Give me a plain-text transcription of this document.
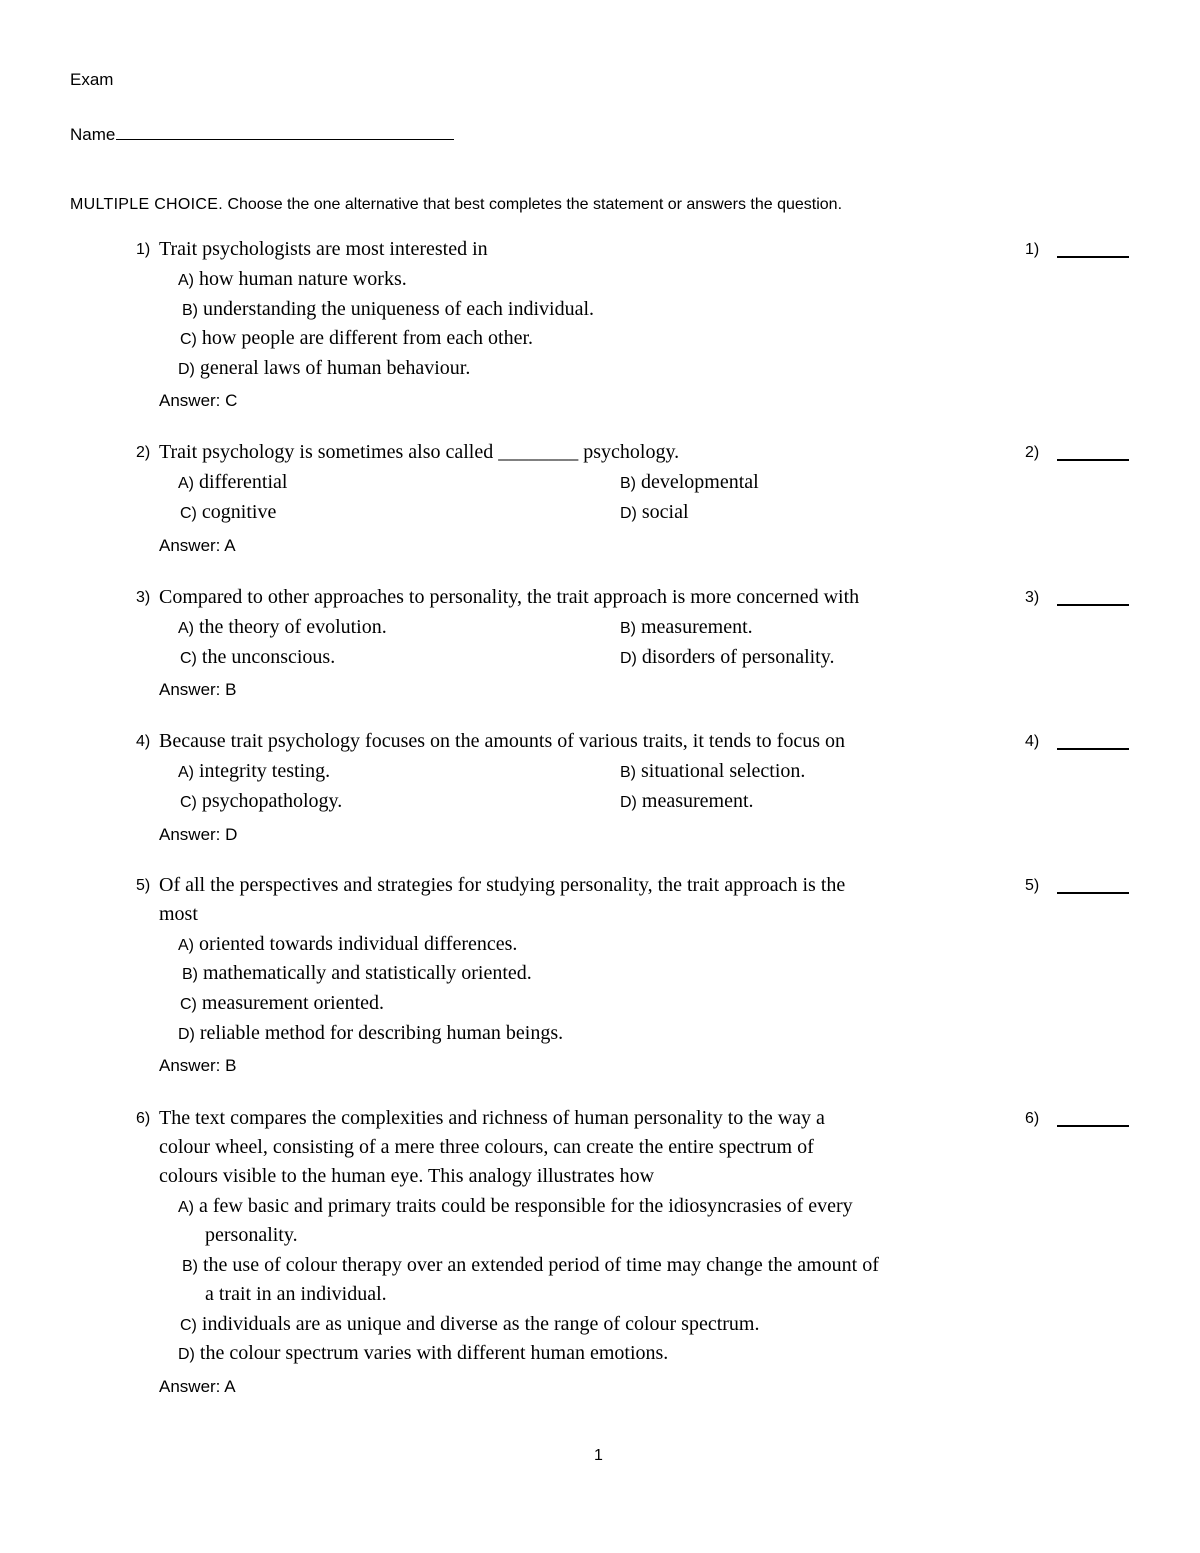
Exam
Name
MULTIPLE CHOICE. Choose the one alternative that best completes the statement or answers the question.
1) Trait psychologists are most interested in	1)
A) how human nature works.
B) understanding the uniqueness of each individual.
C) how people are different from each other.
D) general laws of human behaviour.
Answer: C
2) Trait psychology is sometimes also called ________ psychology.	2)
A) differential	B) developmental
C) cognitive	D) social
Answer: A
3) Compared to other approaches to personality, the trait approach is more concerned with	3)
A) the theory of evolution.	B) measurement.
C) the unconscious.	D) disorders of personality.
Answer: B
4) Because trait psychology focuses on the amounts of various traits, it tends to focus on	4)
A) integrity testing.	B) situational selection.
C) psychopathology.	D) measurement.
Answer: D
5) Of all the perspectives and strategies for studying personality, the trait approach is the
most
5)
A) oriented towards individual differences.
B) mathematically and statistically oriented.
C) measurement oriented.
D) reliable method for describing human beings.
Answer: B
6) The text compares the complexities and richness of human personality to the way a
colour wheel, consisting of a mere three colours, can create the entire spectrum of
colours visible to the human eye. This analogy illustrates how
6)
A) a few basic and primary traits could be responsible for the idiosyncrasies of every
personality.
B) the use of colour therapy over an extended period of time may change the amount of
a trait in an individual.
C) individuals are as unique and diverse as the range of colour spectrum.
D) the colour spectrum varies with different human emotions.
Answer: A
1
